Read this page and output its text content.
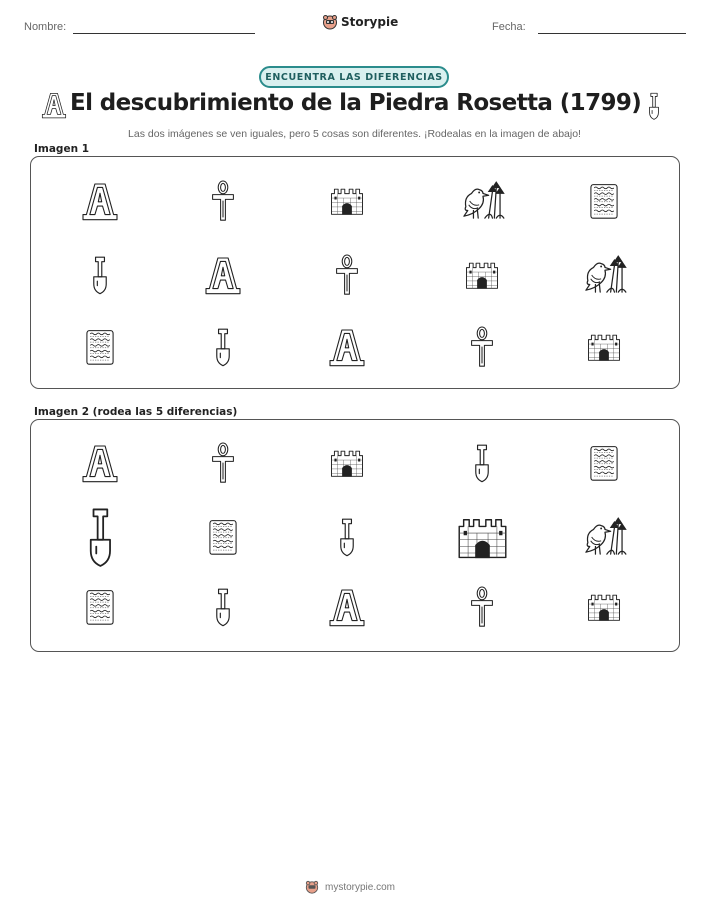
Nombre:	Storypie	Fecha:
ENCUENTRA LAS DIFERENCIAS
El descubrimiento de la Piedra Rosetta (1799)
Las dos imágenes se ven iguales, pero 5 cosas son diferentes. ¡Rodealas en la imagen de abajo!
Imagen 1
Imagen 2 (rodea las 5 diferencias)
mystorypie.com
